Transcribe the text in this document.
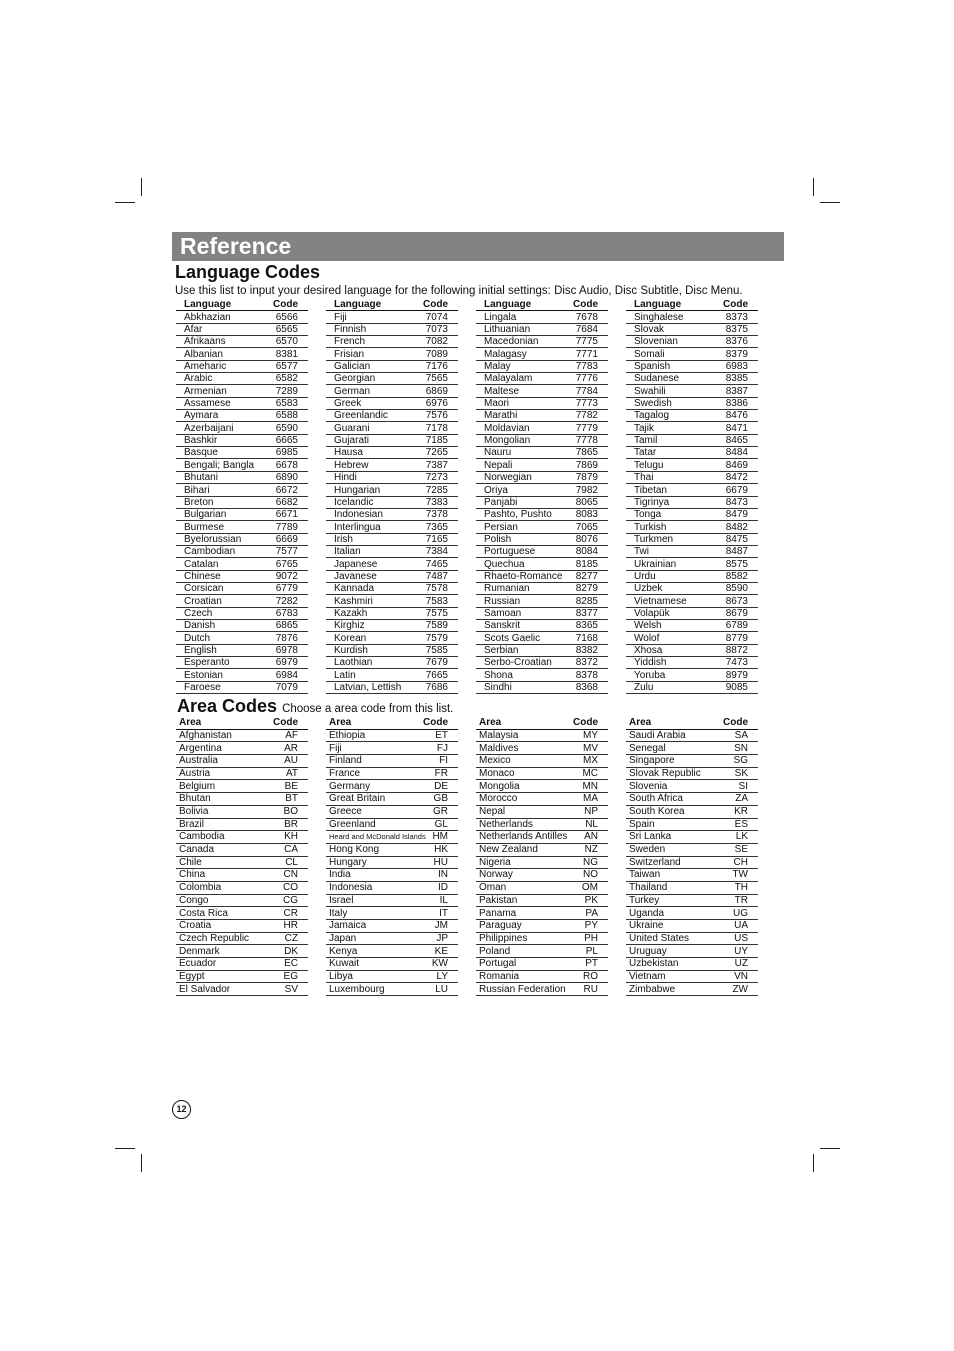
Reference
Language Codes
Use this list to input your desired language for the following initial settings: Disc Audio, Disc Subtitle, Disc Menu.
Language	Code
Abkhazian	6566
Afar	6565
Afrikaans	6570
Albanian	8381
Ameharic	6577
Arabic	6582
Armenian	7289
Assamese	6583
Aymara	6588
Azerbaijani	6590
Bashkir	6665
Basque	6985
Bengali; Bangla 6678
Bhutani	6890
Bihari	6672
Breton	6682
Bulgarian	6671
Burmese	7789
Byelorussian	6669
Cambodian	7577
Catalan	6765
Chinese	9072
Corsican	6779
Croatian	7282
Czech	6783
Danish	6865
Dutch	7876
English	6978
Esperanto	6979
Estonian	6984
Faroese	7079
Language	Code
Fiji	7074
Finnish	7073
French	7082
Frisian	7089
Galician	7176
Georgian	7565
German	6869
Greek	6976
Greenlandic	7576
Guarani	7178
Gujarati	7185
Hausa	7265
Hebrew	7387
Hindi	7273
Hungarian	7285
Icelandic	7383
Indonesian	7378
Interlingua	7365
Irish	7165
Italian	7384
Japanese	7465
Javanese	7487
Kannada	7578
Kashmiri	7583
Kazakh	7575
Kirghiz	7589
Korean	7579
Kurdish	7585
Laothian	7679
Latin	7665
Latvian, Lettish 7686
Language	Code
Lingala	7678
Lithuanian	7684
Macedonian	7775
Malagasy	7771
Malay	7783
Malayalam	7776
Maltese	7784
Maori	7773
Marathi	7782
Moldavian	7779
Mongolian	7778
Nauru	7865
Nepali	7869
Norwegian	7879
Oriya	7982
Panjabi	8065
Pashto, Pushto 8083
Persian	7065
Polish	8076
Portuguese	8084
Quechua	8185
Rhaeto-Romance 8277
Rumanian	8279
Russian	8285
Samoan	8377
Sanskrit	8365
Scots Gaelic	7168
Serbian	8382
Serbo-Croatian 8372
Shona	8378
Sindhi	8368
Language	Code
Singhalese	8373
Slovak	8375
Slovenian	8376
Somali	8379
Spanish	6983
Sudanese	8385
Swahili	8387
Swedish	8386
Tagalog	8476
Tajik	8471
Tamil	8465
Tatar	8484
Telugu	8469
Thai	8472
Tibetan	6679
Tigrinya	8473
Tonga	8479
Turkish	8482
Turkmen	8475
Twi	8487
Ukrainian	8575
Urdu	8582
Uzbek	8590
Vietnamese	8673
Volapük	8679
Welsh	6789
Wolof	8779
Xhosa	8872
Yiddish	7473
Yoruba	8979
Zulu	9085
Area Codes Choose a area code from this list.
Area	Code
Afghanistan	AF
Argentina	AR
Australia	AU
Austria	AT
Belgium	BE
Bhutan	BT
Bolivia	BO
Brazil	BR
Cambodia	KH
Canada	CA
Chile	CL
China	CN
Colombia	CO
Congo	CG
Costa Rica	CR
Croatia	HR
Czech Republic	CZ
Denmark	DK
Ecuador	EC
Egypt	EG
El Salvador	SV
Area	Code
Ethiopia	ET
Fiji	FJ
Finland	FI
France	FR
Germany	DE
Great Britain	GB
Greece	GR
Greenland	GL
Heard and McDonald Islands HM
Hong Kong	HK
Hungary	HU
India	IN
Indonesia	ID
Israel	IL
Italy	IT
Jamaica	JM
Japan	JP
Kenya	KE
Kuwait	KW
Libya	LY
Luxembourg	LU
Area	Code
Malaysia	MY
Maldives	MV
Mexico	MX
Monaco	MC
Mongolia	MN
Morocco	MA
Nepal	NP
Netherlands	NL
Netherlands Antilles AN
New Zealand	NZ
Nigeria	NG
Norway	NO
Oman	OM
Pakistan	PK
Panama	PA
Paraguay	PY
Philippines	PH
Poland	PL
Portugal	PT
Romania	RO
Russian Federation RU
Area	Code
Saudi Arabia	SA
Senegal	SN
Singapore	SG
Slovak Republic	SK
Slovenia	SI
South Africa	ZA
South Korea	KR
Spain	ES
Sri Lanka	LK
Sweden	SE
Switzerland	CH
Taiwan	TW
Thailand	TH
Turkey	TR
Uganda	UG
Ukraine	UA
United States	US
Uruguay	UY
Uzbekistan	UZ
Vietnam	VN
Zimbabwe	ZW
12
